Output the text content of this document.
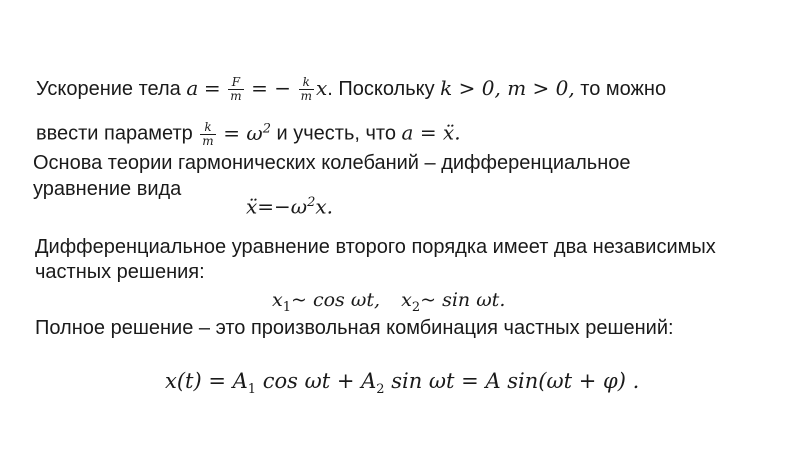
Ускорение тела $a = \frac{F}{m}$ = − $\frac{k}{m} x$. Поскольку k > 0, m > 0, то можно
ввести параметр $\frac{k}{m} = \omega^2$ и учесть, что a = ẍ.
Основа теории гармонических колебаний – дифференциальное
уравнение вида
$ẍ=-\omega^2x$.
Дифференциальное уравнение второго порядка имеет два независимых
частных решения:
$x_1\sim$ cos ωt, $x_2\sim$ sin ωt.
Полное решение – это произвольная комбинация частных решений:
$x(t) = A_1$ $\cos \omega t + A_2$ sin ωt = A sin(ωt + φ) .
